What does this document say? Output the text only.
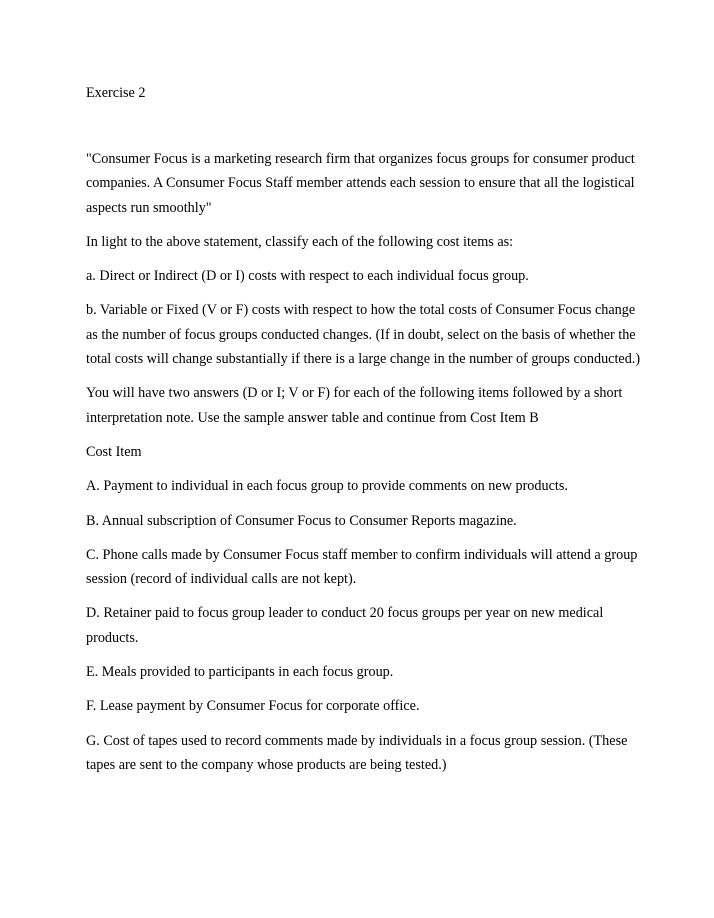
Exercise 2

"Consumer Focus is a marketing research firm that organizes focus groups for consumer product companies. A Consumer Focus Staff member attends each session to ensure that all the logistical aspects run smoothly"

In light to the above statement, classify each of the following cost items as:

a. Direct or Indirect (D or I) costs with respect to each individual focus group.

b. Variable or Fixed (V or F) costs with respect to how the total costs of Consumer Focus change as the number of focus groups conducted changes. (If in doubt, select on the basis of whether the total costs will change substantially if there is a large change in the number of groups conducted.)

You will have two answers (D or I; V or F) for each of the following items followed by a short interpretation note. Use the sample answer table and continue from Cost Item B

Cost Item

A. Payment to individual in each focus group to provide comments on new products.

B. Annual subscription of Consumer Focus to Consumer Reports magazine.

C. Phone calls made by Consumer Focus staff member to confirm individuals will attend a group session (record of individual calls are not kept).

D. Retainer paid to focus group leader to conduct 20 focus groups per year on new medical products.

E. Meals provided to participants in each focus group.

F. Lease payment by Consumer Focus for corporate office.

G. Cost of tapes used to record comments made by individuals in a focus group session. (These tapes are sent to the company whose products are being tested.)
